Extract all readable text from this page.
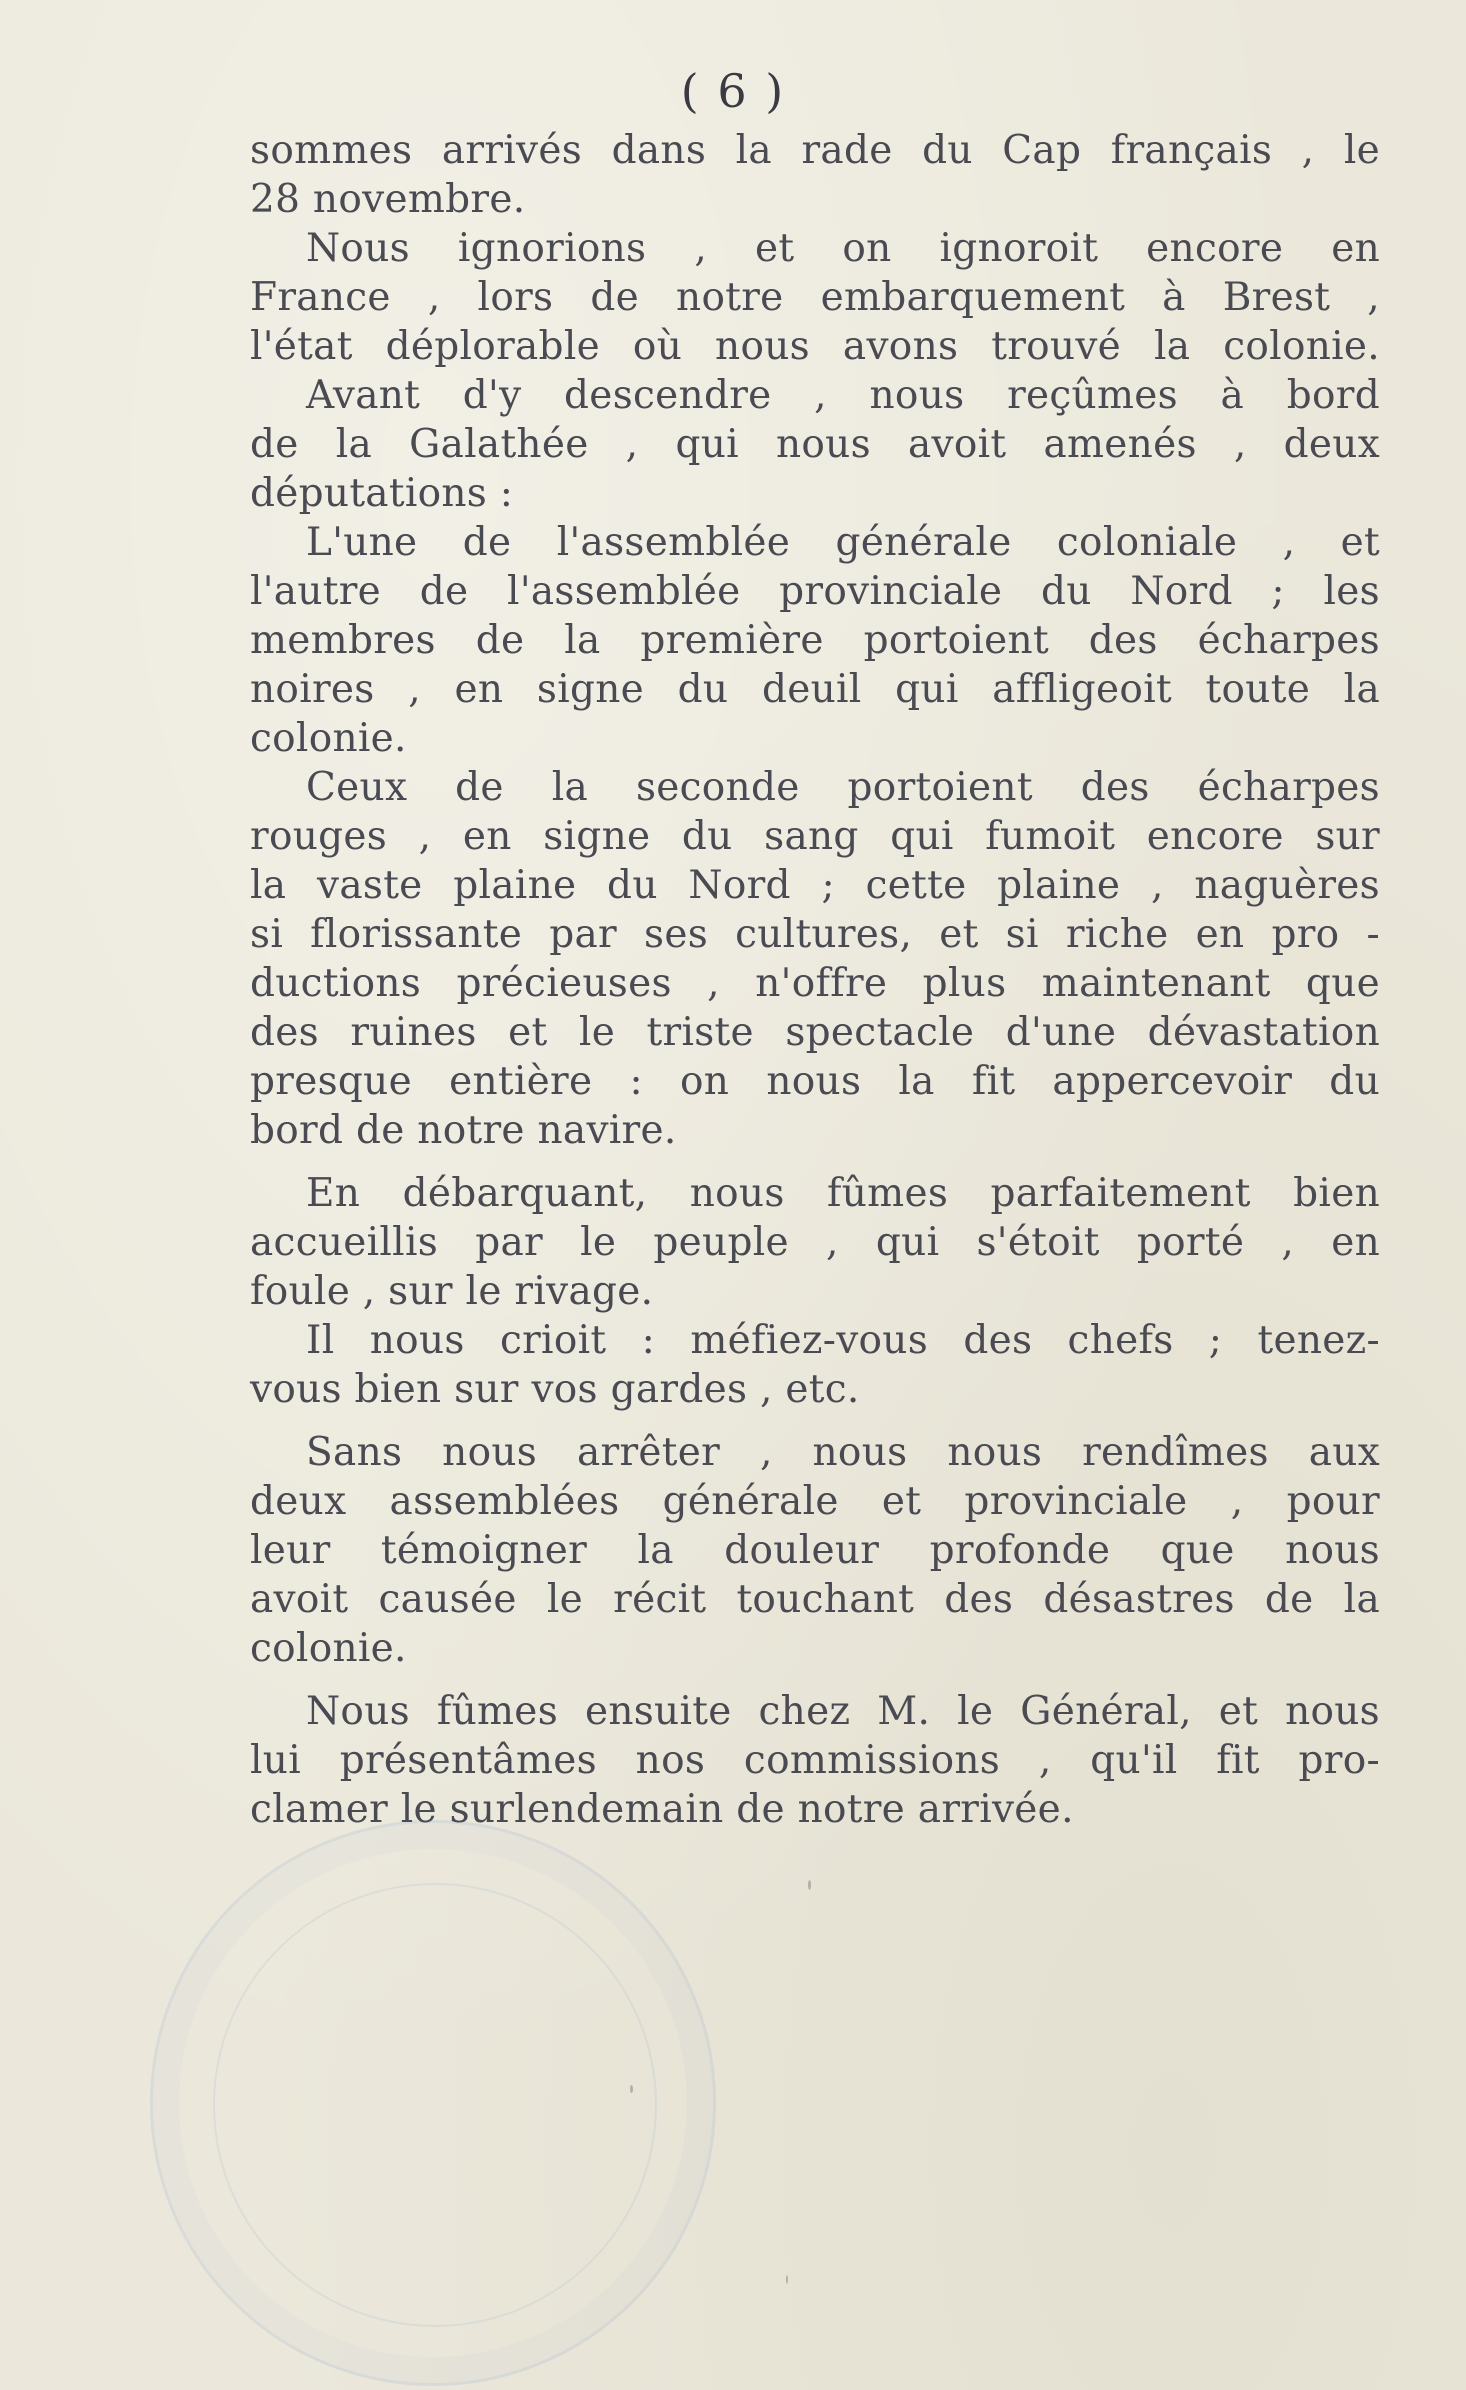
( 6 )
sommes arrivés dans la rade du Cap français , le
28 novembre.
Nous ignorions , et on ignoroit encore en
France , lors de notre embarquement à Brest ,
l'état déplorable où nous avons trouvé la colonie.
Avant d'y descendre , nous reçûmes à bord
de la Galathée , qui nous avoit amenés , deux
députations :
L'une de l'assemblée générale coloniale , et
l'autre de l'assemblée provinciale du Nord ; les
membres de la première portoient des écharpes
noires , en signe du deuil qui affligeoit toute la
colonie.
Ceux de la seconde portoient des écharpes
rouges , en signe du sang qui fumoit encore sur
la vaste plaine du Nord ; cette plaine , naguères
si florissante par ses cultures, et si riche en pro -
ductions précieuses , n'offre plus maintenant que
des ruines et le triste spectacle d'une dévastation
presque entière : on nous la fit appercevoir du
bord de notre navire.
En débarquant, nous fûmes parfaitement bien
accueillis par le peuple , qui s'étoit porté , en
foule , sur le rivage.
Il nous crioit : méfiez-vous des chefs ; tenez-
vous bien sur vos gardes , etc.
Sans nous arrêter , nous nous rendîmes aux
deux assemblées générale et provinciale , pour
leur témoigner la douleur profonde que nous
avoit causée le récit touchant des désastres de la
colonie.
Nous fûmes ensuite chez M. le Général, et nous
lui présentâmes nos commissions , qu'il fit pro-
clamer le surlendemain de notre arrivée.
